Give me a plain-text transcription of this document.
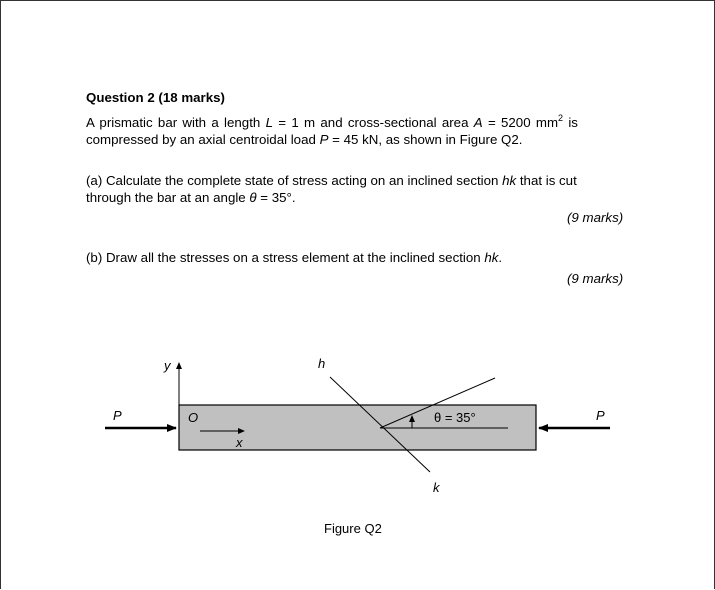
Question 2 (18 marks)
A prismatic bar with a length L = 1 m and cross-sectional area A = 5200 $mm^2$ is
compressed by an axial centroidal load P = 45 kN, as shown in Figure Q2.
(a) Calculate the complete state of stress acting on an inclined section hk that is cut
through the bar at an angle θ = 35°.
(9 marks)
(b) Draw all the stresses on a stress element at the inclined section hk.
(9 marks)
P	P
y
x
O
h
k
θ = 35°
Figure Q2
